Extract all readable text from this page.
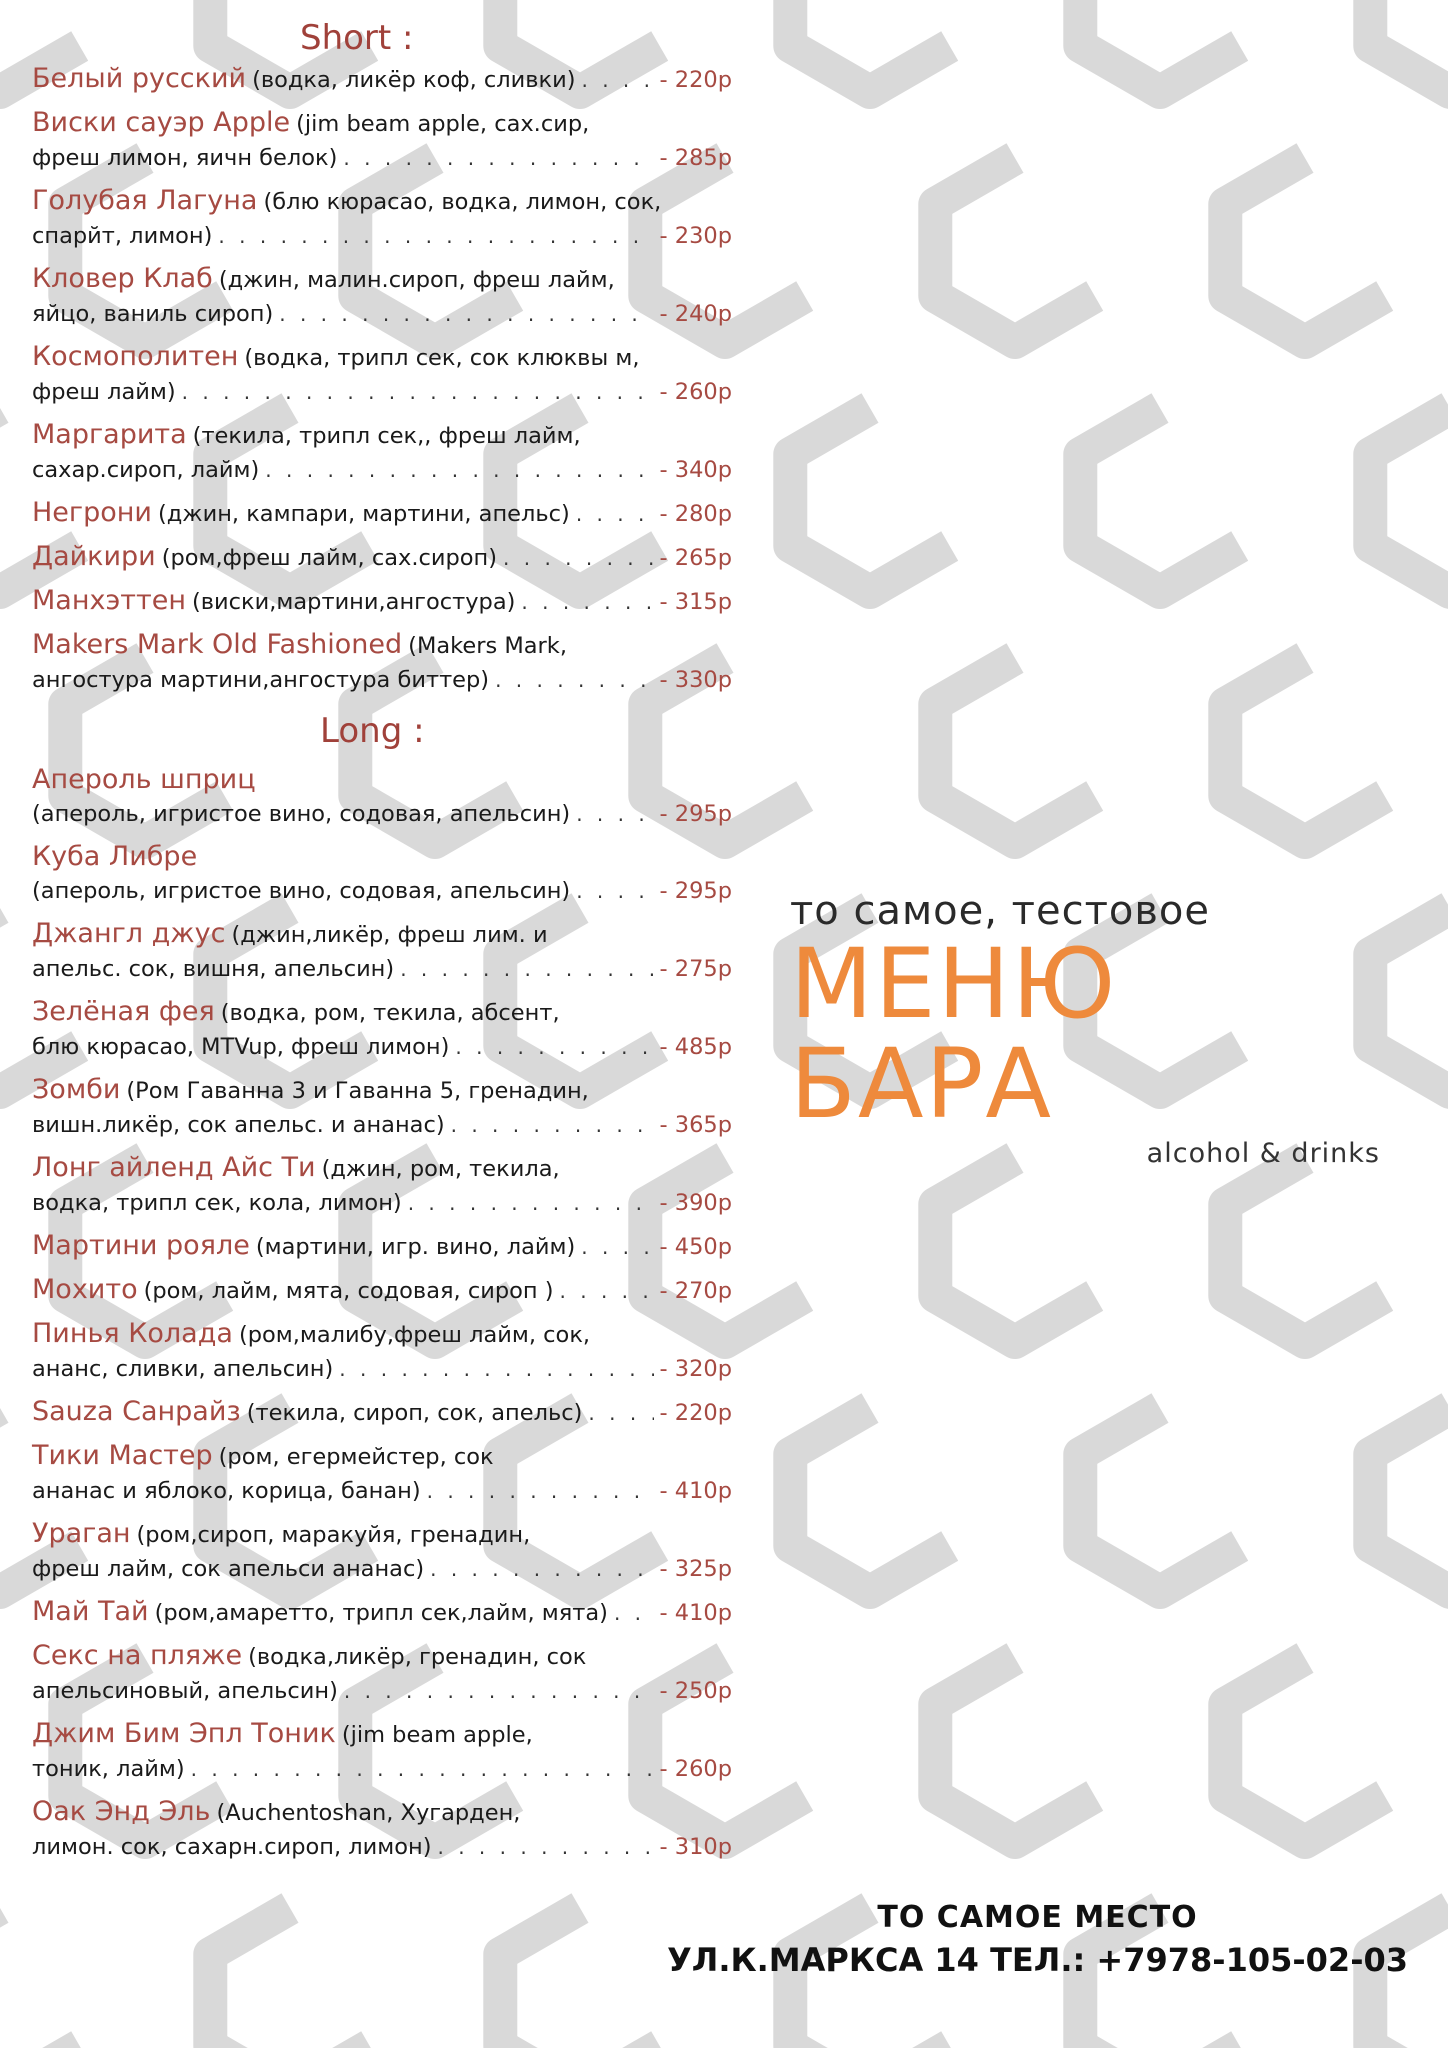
Short :
Белый русский (водка, ликёр коф, сливки) . . .	- 220р
Виски сауэр Apple (jim beam apple, сах.сир,
фреш лимон, яичн белок) . . .	- 285р
Голубая Лагуна (блю кюрасао, водка, лимон, сок,
спарйт, лимон) . . .	- 230р
Кловер Клаб (джин, малин.сироп, фреш лайм,
яйцо, ваниль сироп) . . .	- 240р
Космополитен (водка, трипл сек, сок клюквы м,
фреш лайм) . . .	- 260р
Маргарита (текила, трипл сек,, фреш лайм,
сахар.сироп, лайм) . . .	- 340р
Негрони (джин, кампари, мартини, апельс) . . .	- 280р
Дайкири (ром,фреш лайм, сах.сироп) . . .	- 265р
Манхэттен (виски,мартини,ангостура) . . .	- 315р
Makers Mark Old Fashioned (Makers Mark,
ангостура мартини,ангостура биттер) . . .	- 330р
Long :
Апероль шприц
(апероль, игристое вино, содовая, апельсин) . . .	- 295р
Куба Либре
(апероль, игристое вино, содовая, апельсин) . . .	- 295р
Джангл джус (джин,ликёр, фреш лим. и
апельс. сок, вишня, апельсин) . . .	- 275р
Зелёная фея (водка, ром, текила, абсент,
блю кюрасао, MTVup, фреш лимон) . . .	- 485р
Зомби (Ром Гаванна 3 и Гаванна 5, гренадин,
вишн.ликёр, сок апельс. и ананас) . . .	- 365р
Лонг айленд Айс Ти (джин, ром, текила,
водка, трипл сек, кола, лимон) . . .	- 390р
Мартини рояле (мартини, игр. вино, лайм) . . .	- 450р
Мохито (ром, лайм, мята, содовая, сироп ) . . .	- 270р
Пинья Колада (ром,малибу,фреш лайм, сок,
ананс, сливки, апельсин) . . .	- 320р
Sauza Санрайз (текила, сироп, сок, апельс) . . .	- 220р
Тики Мастер (ром, егермейстер, сок
ананас и яблоко, корица, банан) . . .	- 410р
Ураган (ром,сироп, маракуйя, гренадин,
фреш лайм, сок апельси ананас) . . .	- 325р
Май Тай (ром,амаретто, трипл сек,лайм, мята) . . . - 410р
Секс на пляже (водка,ликёр, гренадин, сок
апельсиновый, апельсин) . . .	- 250р
Джим Бим Эпл Тоник (jim beam apple,
тоник, лайм) . . .	- 260р
Оак Энд Эль (Auchentoshan, Хугарден,
лимон. сок, сахарн.сироп, лимон) . . .	- 310р
то самое, тестовое
МЕНЮ БАРА
alcohol & drinks
ТО САМОЕ МЕСТО
УЛ.К.МАРКСА 14 ТЕЛ.: +7978-105-02-03
